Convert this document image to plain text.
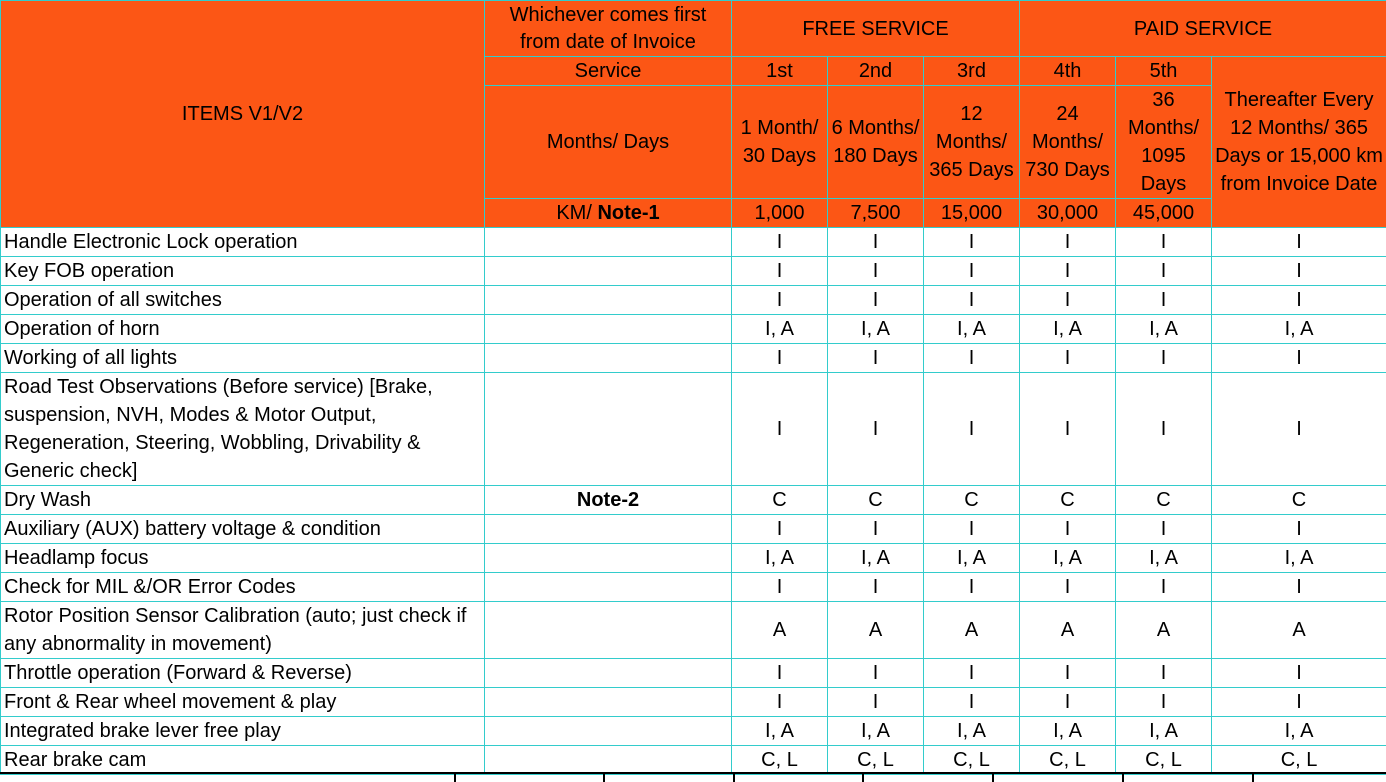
ITEMS V1/V2	Whichever comes first from date of Invoice	FREE SERVICE			PAID SERVICE		
	Service	1st	2nd	3rd	4th	5th	Thereafter Every 12 Months/ 365 Days or 15,000 km from Invoice Date
	Months/ Days	1 Month/ 30 Days	6 Months/ 180 Days	12 Months/ 365 Days	24 Months/ 730 Days	36 Months/ 1095 Days	
	KM/ Note-1	1,000	7,500	15,000	30,000	45,000	
Handle Electronic Lock operation		I	I	I	I	I	I
Key FOB operation		I	I	I	I	I	I
Operation of all switches		I	I	I	I	I	I
Operation of horn		I, A	I, A	I, A	I, A	I, A	I, A
Working of all lights		I	I	I	I	I	I
Road Test Observations (Before service) [Brake, suspension, NVH, Modes & Motor Output, Regeneration, Steering, Wobbling, Drivability & Generic check]		I	I	I	I	I	I
Dry Wash	Note-2	C	C	C	C	C	C
Auxiliary (AUX) battery voltage & condition		I	I	I	I	I	I
Headlamp focus		I, A	I, A	I, A	I, A	I, A	I, A
Check for MIL &/OR Error Codes		I	I	I	I	I	I
Rotor Position Sensor Calibration (auto; just check if any abnormality in movement)		A	A	A	A	A	A
Throttle operation (Forward & Reverse)		I	I	I	I	I	I
Front & Rear wheel movement & play		I	I	I	I	I	I
Integrated brake lever free play		I, A	I, A	I, A	I, A	I, A	I, A
Rear brake cam		C, L	C, L	C, L	C, L	C, L	C, L
